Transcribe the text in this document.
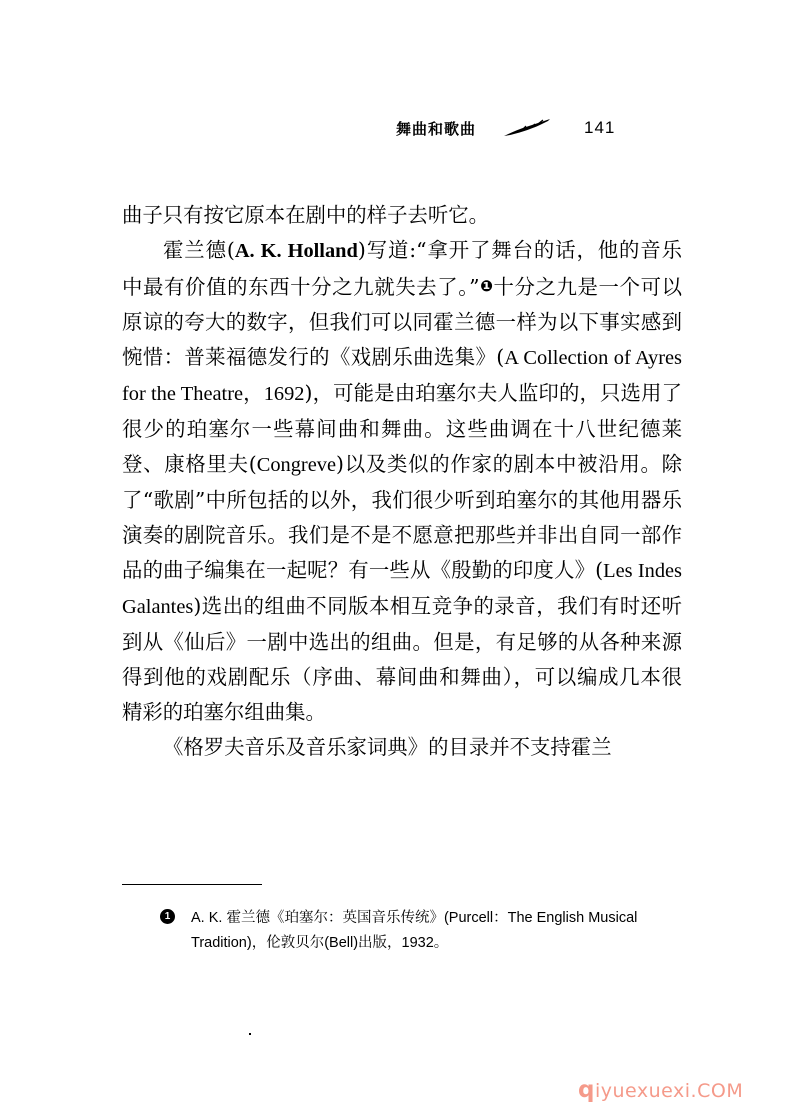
舞曲和歌曲	141

曲子只有按它原本在剧中的样子去听它。

霍兰德(A. K. Holland)写道:“拿开了舞台的话，他的音乐中最有价值的东西十分之九就失去了。”❶十分之九是一个可以原谅的夸大的数字，但我们可以同霍兰德一样为以下事实感到惋惜：普莱福德发行的《戏剧乐曲选集》(A Collection of Ayres for the Theatre，1692)，可能是由珀塞尔夫人监印的，只选用了很少的珀塞尔一些幕间曲和舞曲。这些曲调在十八世纪德莱登、康格里夫(Congreve)以及类似的作家的剧本中被沿用。除了“歌剧”中所包括的以外，我们很少听到珀塞尔的其他用器乐演奏的剧院音乐。我们是不是不愿意把那些并非出自同一部作品的曲子编集在一起呢？有一些从《殷勤的印度人》(Les Indes Galantes)选出的组曲不同版本相互竞争的录音，我们有时还听到从《仙后》一剧中选出的组曲。但是，有足够的从各种来源得到他的戏剧配乐（序曲、幕间曲和舞曲），可以编成几本很精彩的珀塞尔组曲集。

《格罗夫音乐及音乐家词典》的目录并不支持霍兰

1	A. K. 霍兰德《珀塞尔：英国音乐传统》(Purcell：The English Musical Tradition)，伦敦贝尔(Bell)出版，1932。
qiyuexuexi.COM
